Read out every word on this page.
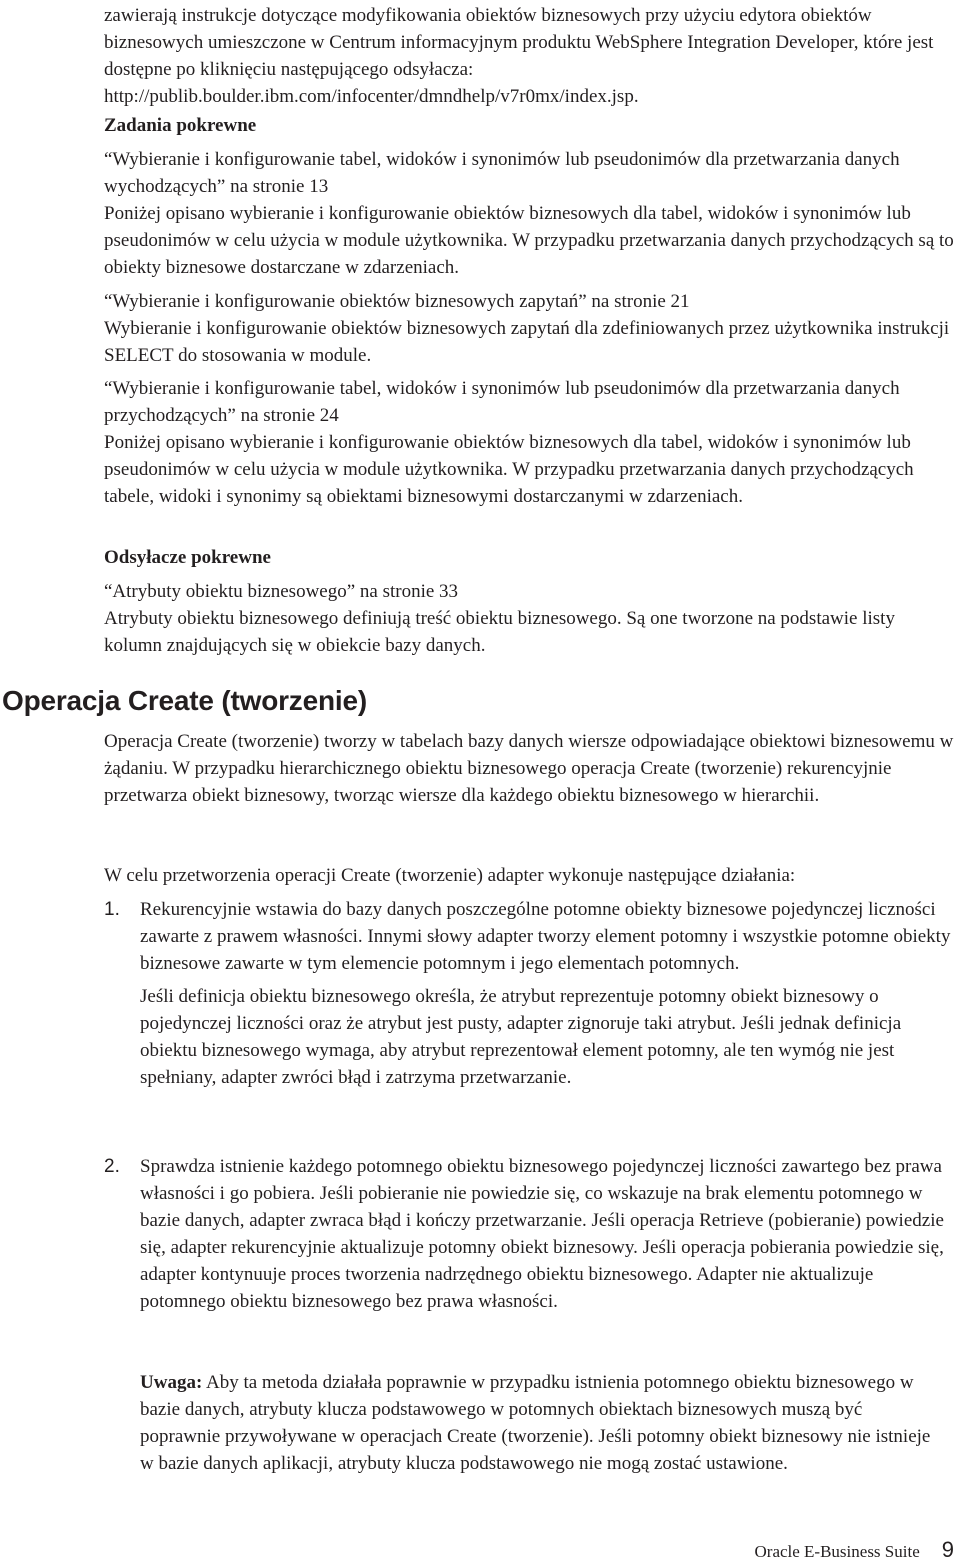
zawierają instrukcje dotyczące modyfikowania obiektów biznesowych przy użyciu edytora obiektów biznesowych umieszczone w Centrum informacyjnym produktu WebSphere Integration Developer, które jest dostępne po kliknięciu następującego odsyłacza: http://publib.boulder.ibm.com/infocenter/dmndhelp/v7r0mx/index.jsp.

Zadania pokrewne

“Wybieranie i konfigurowanie tabel, widoków i synonimów lub pseudonimów dla przetwarzania danych wychodzących” na stronie 13

Poniżej opisano wybieranie i konfigurowanie obiektów biznesowych dla tabel, widoków i synonimów lub pseudonimów w celu użycia w module użytkownika. W przypadku przetwarzania danych przychodzących są to obiekty biznesowe dostarczane w zdarzeniach.

“Wybieranie i konfigurowanie obiektów biznesowych zapytań” na stronie 21

Wybieranie i konfigurowanie obiektów biznesowych zapytań dla zdefiniowanych przez użytkownika instrukcji SELECT do stosowania w module.

“Wybieranie i konfigurowanie tabel, widoków i synonimów lub pseudonimów dla przetwarzania danych przychodzących” na stronie 24

Poniżej opisano wybieranie i konfigurowanie obiektów biznesowych dla tabel, widoków i synonimów lub pseudonimów w celu użycia w module użytkownika. W przypadku przetwarzania danych przychodzących tabele, widoki i synonimy są obiektami biznesowymi dostarczanymi w zdarzeniach.

Odsyłacze pokrewne

“Atrybuty obiektu biznesowego” na stronie 33

Atrybuty obiektu biznesowego definiują treść obiektu biznesowego. Są one tworzone na podstawie listy kolumn znajdujących się w obiekcie bazy danych.

Operacja Create (tworzenie)

Operacja Create (tworzenie) tworzy w tabelach bazy danych wiersze odpowiadające obiektowi biznesowemu w żądaniu. W przypadku hierarchicznego obiektu biznesowego operacja Create (tworzenie) rekurencyjnie przetwarza obiekt biznesowy, tworząc wiersze dla każdego obiektu biznesowego w hierarchii.

W celu przetworzenia operacji Create (tworzenie) adapter wykonuje następujące działania:

1. Rekurencyjnie wstawia do bazy danych poszczególne potomne obiekty biznesowe pojedynczej liczności zawarte z prawem własności. Innymi słowy adapter tworzy element potomny i wszystkie potomne obiekty biznesowe zawarte w tym elemencie potomnym i jego elementach potomnych.

Jeśli definicja obiektu biznesowego określa, że atrybut reprezentuje potomny obiekt biznesowy o pojedynczej liczności oraz że atrybut jest pusty, adapter zignoruje taki atrybut. Jeśli jednak definicja obiektu biznesowego wymaga, aby atrybut reprezentował element potomny, ale ten wymóg nie jest spełniany, adapter zwróci błąd i zatrzyma przetwarzanie.

2. Sprawdza istnienie każdego potomnego obiektu biznesowego pojedynczej liczności zawartego bez prawa własności i go pobiera. Jeśli pobieranie nie powiedzie się, co wskazuje na brak elementu potomnego w bazie danych, adapter zwraca błąd i kończy przetwarzanie. Jeśli operacja Retrieve (pobieranie) powiedzie się, adapter rekurencyjnie aktualizuje potomny obiekt biznesowy. Jeśli operacja pobierania powiedzie się, adapter kontynuuje proces tworzenia nadrzędnego obiektu biznesowego. Adapter nie aktualizuje potomnego obiektu biznesowego bez prawa własności.

Uwaga: Aby ta metoda działała poprawnie w przypadku istnienia potomnego obiektu biznesowego w bazie danych, atrybuty klucza podstawowego w potomnych obiektach biznesowych muszą być poprawnie przywoływane w operacjach Create (tworzenie). Jeśli potomny obiekt biznesowy nie istnieje w bazie danych aplikacji, atrybuty klucza podstawowego nie mogą zostać ustawione.

Oracle E-Business Suite 9
